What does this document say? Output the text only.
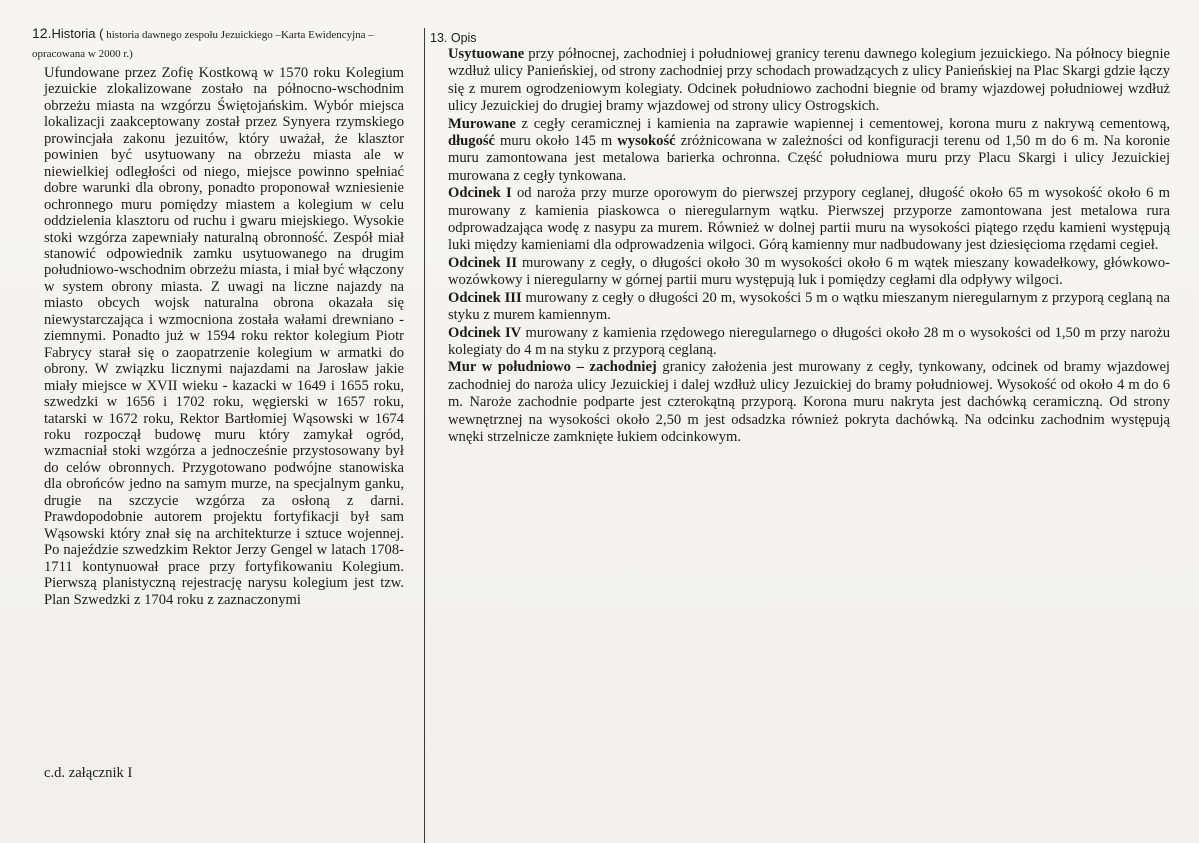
12.Historia ( historia dawnego zespołu Jezuickiego –Karta Ewidencyjna – opracowana w 2000 r.)

Ufundowane przez Zofię Kostkową w 1570 roku Kolegium jezuickie zlokalizowane zostało na północno-wschodnim obrzeżu miasta na wzgórzu Świętojańskim. Wybór miejsca lokalizacji zaakceptowany został przez Synyera rzymskiego prowincjała zakonu jezuitów, który uważał, że klasztor powinien być usytuowany na obrzeżu miasta ale w niewielkiej odległości od niego, miejsce powinno spełniać dobre warunki dla obrony, ponadto proponował wzniesienie ochronnego muru pomiędzy miastem a kolegium w celu oddzielenia klasztoru od ruchu i gwaru miejskiego. Wysokie stoki wzgórza zapewniały naturalną obronność. Zespół miał stanowić odpowiednik zamku usytuowanego na drugim południowo-wschodnim obrzeżu miasta, i miał być włączony w system obrony miasta. Z uwagi na liczne najazdy na miasto obcych wojsk naturalna obrona okazała się niewystarczająca i wzmocniona została wałami drewniano - ziemnymi. Ponadto już w 1594 roku rektor kolegium Piotr Fabrycy starał się o zaopatrzenie kolegium w armatki do obrony. W związku licznymi najazdami na Jarosław jakie miały miejsce w XVII wieku - kazacki w 1649 i 1655 roku, szwedzki w 1656 i 1702 roku, węgierski w 1657 roku, tatarski w 1672 roku, Rektor Bartłomiej Wąsowski w 1674 roku rozpoczął budowę muru który zamykał ogród, wzmacniał stoki wzgórza a jednocześnie przystosowany był do celów obronnych. Przygotowano podwójne stanowiska dla obrońców jedno na samym murze, na specjalnym ganku, drugie na szczycie wzgórza za osłoną z darni. Prawdopodobnie autorem projektu fortyfikacji był sam Wąsowski który znał się na architekturze i sztuce wojennej. Po najeździe szwedzkim Rektor Jerzy Gengel w latach 1708-1711 kontynuował prace przy fortyfikowaniu Kolegium. Pierwszą planistyczną rejestrację narysu kolegium jest tzw. Plan Szwedzki z 1704 roku z zaznaczonymi

c.d. załącznik I
13. Opis

Usytuowane przy północnej, zachodniej i południowej granicy terenu dawnego kolegium jezuickiego. Na północy biegnie wzdłuż ulicy Panieńskiej, od strony zachodniej przy schodach prowadzących z ulicy Panieńskiej na Plac Skargi gdzie łączy się z murem ogrodzeniowym kolegiaty. Odcinek południowo zachodni biegnie od bramy wjazdowej południowej wzdłuż ulicy Jezuickiej do drugiej bramy wjazdowej od strony ulicy Ostrogskich.

Murowane z cegły ceramicznej i kamienia na zaprawie wapiennej i cementowej, korona muru z nakrywą cementową, długość muru około 145 m wysokość zróżnicowana w zależności od konfiguracji terenu od 1,50 m do 6 m. Na koronie muru zamontowana jest metalowa barierka ochronna. Część południowa muru przy Placu Skargi i ulicy Jezuickiej murowana z cegły tynkowana.

Odcinek I od naroża przy murze oporowym do pierwszej przypory ceglanej, długość około 65 m wysokość około 6 m murowany z kamienia piaskowca o nieregularnym wątku. Pierwszej przyporze zamontowana jest metalowa rura odprowadzająca wodę z nasypu za murem. Również w dolnej partii muru na wysokości piątego rzędu kamieni występują luki między kamieniami dla odprowadzenia wilgoci. Górą kamienny mur nadbudowany jest dziesięcioma rzędami cegieł.

Odcinek II murowany z cegły, o długości około 30 m wysokości około 6 m wątek mieszany kowadełkowy, główkowo-wozówkowy i nieregularny w górnej partii muru występują luk i pomiędzy cegłami dla odpływy wilgoci.

Odcinek III murowany z cegły o długości 20 m, wysokości 5 m o wątku mieszanym nieregularnym z przyporą ceglaną na styku z murem kamiennym.

Odcinek IV murowany z kamienia rzędowego nieregularnego o długości około 28 m o wysokości od 1,50 m przy narożu kolegiaty do 4 m na styku z przyporą ceglaną.

Mur w południowo – zachodniej granicy założenia jest murowany z cegły, tynkowany, odcinek od bramy wjazdowej zachodniej do naroża ulicy Jezuickiej i dalej wzdłuż ulicy Jezuickiej do bramy południowej. Wysokość od około 4 m do 6 m. Naroże zachodnie podparte jest czterokątną przyporą. Korona muru nakryta jest dachówką ceramiczną. Od strony wewnętrznej na wysokości około 2,50 m jest odsadzka również pokryta dachówką. Na odcinku zachodnim występują wnęki strzelnicze zamknięte łukiem odcinkowym.
